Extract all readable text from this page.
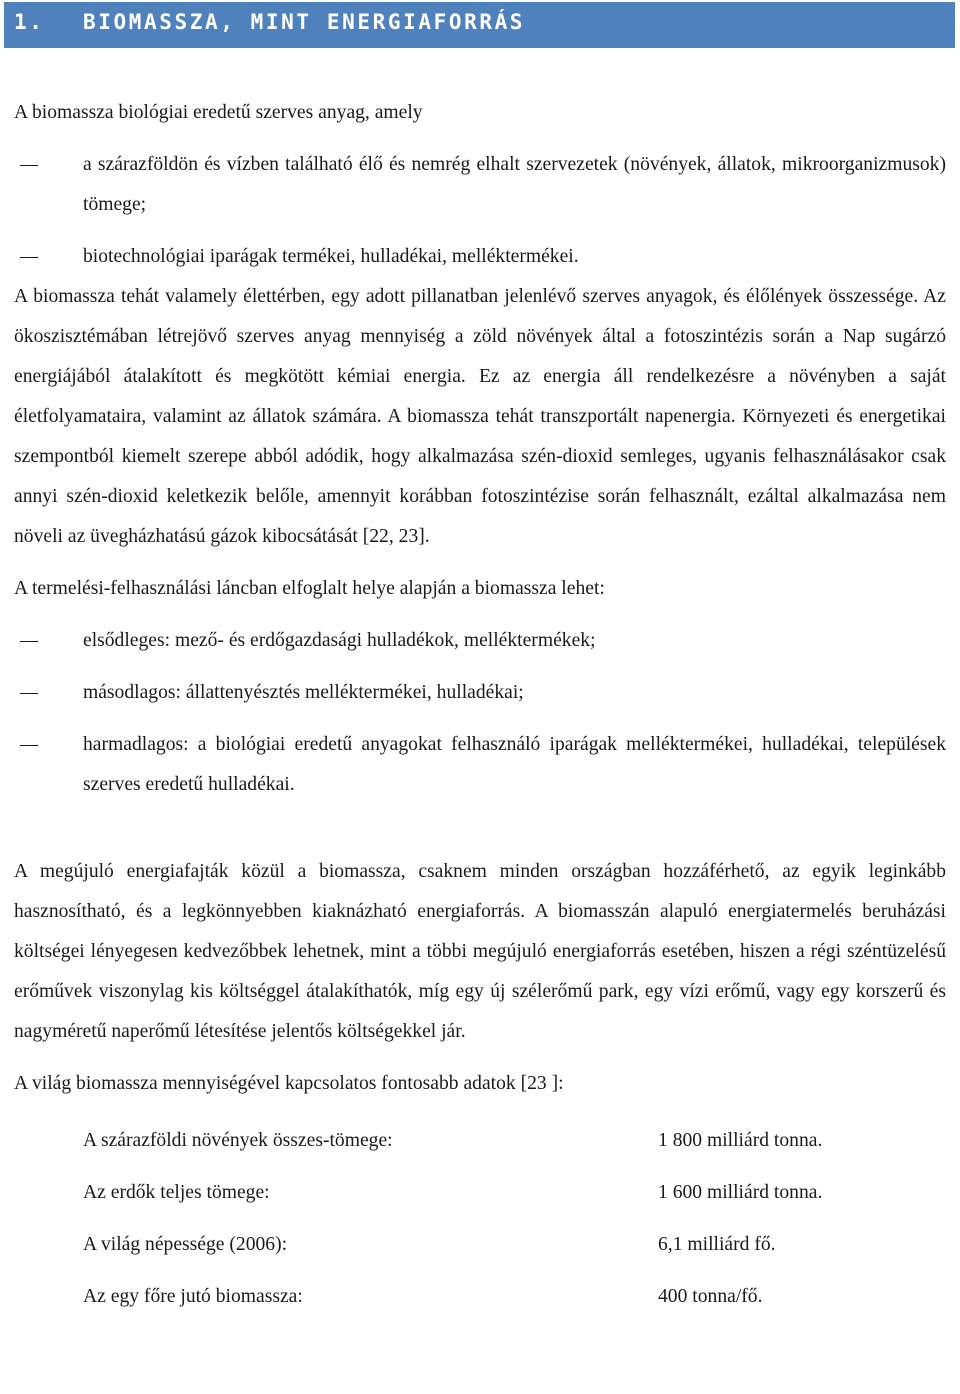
1. BIOMASSZA, MINT ENERGIAFORRÁS

A biomassza biológiai eredetű szerves anyag, amely

a szárazföldön és vízben található élő és nemrég elhalt szervezetek (növények, állatok, mikroorganizmusok) tömege;
biotechnológiai iparágak termékei, hulladékai, melléktermékei.

A biomassza tehát valamely élettérben, egy adott pillanatban jelenlévő szerves anyagok, és élőlények összessége. Az ökoszisztémában létrejövő szerves anyag mennyiség a zöld növények által a fotoszintézis során a Nap sugárzó energiájából átalakított és megkötött kémiai energia. Ez az energia áll rendelkezésre a növényben a saját életfolyamataira, valamint az állatok számára. A biomassza tehát transzportált napenergia. Környezeti és energetikai szempontból kiemelt szerepe abból adódik, hogy alkalmazása szén-dioxid semleges, ugyanis felhasználásakor csak annyi szén-dioxid keletkezik belőle, amennyit korábban fotoszintézise során felhasznált, ezáltal alkalmazása nem növeli az üvegházhatású gázok kibocsátását [22, 23].

A termelési-felhasználási láncban elfoglalt helye alapján a biomassza lehet:

elsődleges: mező- és erdőgazdasági hulladékok, melléktermékek;
másodlagos: állattenyésztés melléktermékei, hulladékai;
harmadlagos: a biológiai eredetű anyagokat felhasználó iparágak melléktermékei, hulladékai, települések szerves eredetű hulladékai.

A megújuló energiafajták közül a biomassza, csaknem minden országban hozzáférhető, az egyik leginkább hasznosítható, és a legkönnyebben kiaknázható energiaforrás. A biomasszán alapuló energiatermelés beruházási költségei lényegesen kedvezőbbek lehetnek, mint a többi megújuló energiaforrás esetében, hiszen a régi széntüzelésű erőművek viszonylag kis költséggel átalakíthatók, míg egy új szélerőmű park, egy vízi erőmű, vagy egy korszerű és nagyméretű naperőmű létesítése jelentős költségekkel jár.

A világ biomassza mennyiségével kapcsolatos fontosabb adatok [23 ]:

A szárazföldi növények összes-tömege:	1 800 milliárd tonna.
Az erdők teljes tömege:	1 600 milliárd tonna.
A világ népessége (2006):	6,1 milliárd fő.
Az egy főre jutó biomassza:	400 tonna/fő.
